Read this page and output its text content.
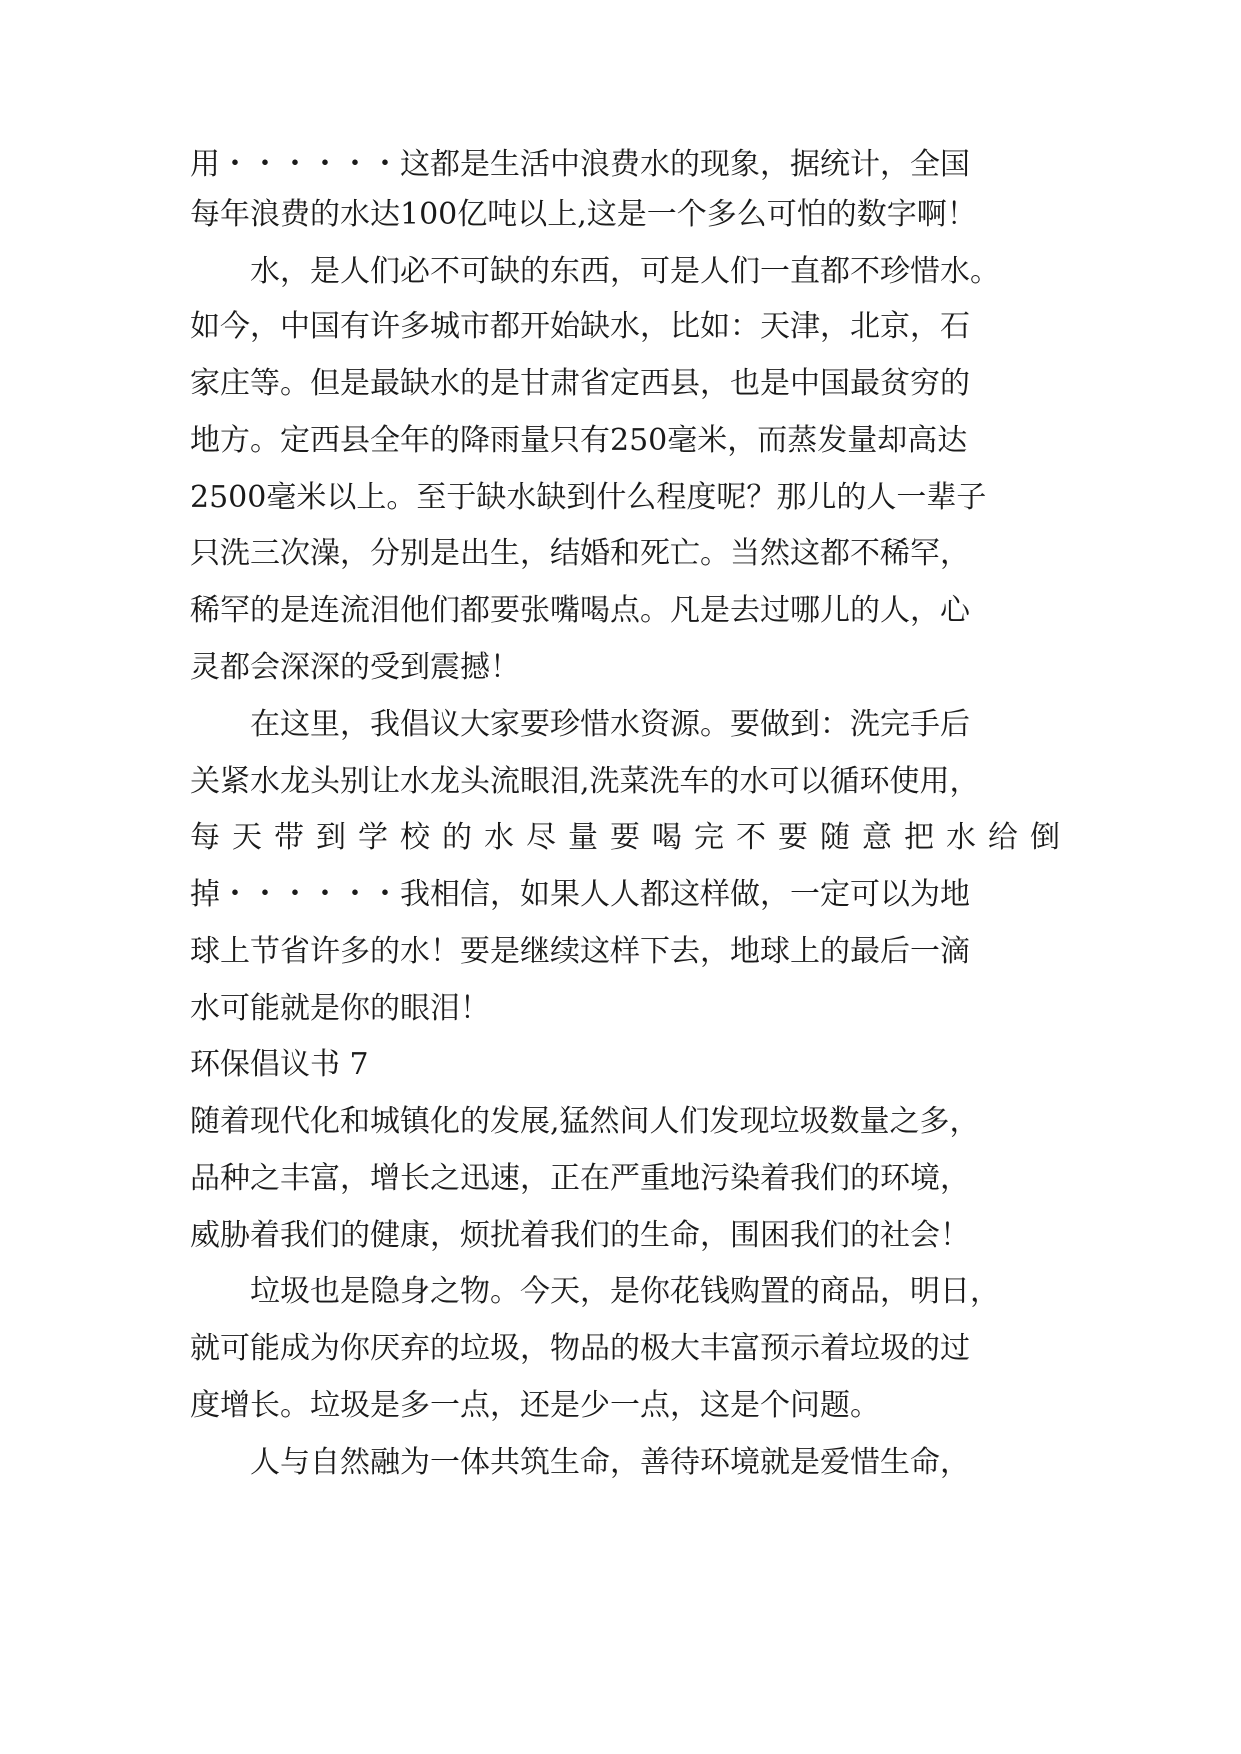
用・・・・・・这都是生活中浪费水的现象，据统计，全国
每年浪费的水达100亿吨以上,这是一个多么可怕的数字啊！
水，是人们必不可缺的东西，可是人们一直都不珍惜水。
如今，中国有许多城市都开始缺水，比如：天津，北京，石
家庄等。但是最缺水的是甘肃省定西县，也是中国最贫穷的
地方。定西县全年的降雨量只有250毫米，而蒸发量却高达
2500毫米以上。至于缺水缺到什么程度呢？那儿的人一辈子
只洗三次澡，分别是出生，结婚和死亡。当然这都不稀罕，
稀罕的是连流泪他们都要张嘴喝点。凡是去过哪儿的人，心
灵都会深深的受到震撼！
在这里，我倡议大家要珍惜水资源。要做到：洗完手后
关紧水龙头别让水龙头流眼泪,洗菜洗车的水可以循环使用，
每 天 带 到 学 校 的 水 尽 量 要 喝 完 不 要 随 意 把 水 给 倒
掉・・・・・・我相信，如果人人都这样做，一定可以为地
球上节省许多的水！要是继续这样下去，地球上的最后一滴
水可能就是你的眼泪！
环保倡议书 7
随着现代化和城镇化的发展,猛然间人们发现垃圾数量之多，
品种之丰富，增长之迅速，正在严重地污染着我们的环境，
威胁着我们的健康，烦扰着我们的生命，围困我们的社会！
垃圾也是隐身之物。今天，是你花钱购置的商品，明日，
就可能成为你厌弃的垃圾，物品的极大丰富预示着垃圾的过
度增长。垃圾是多一点，还是少一点，这是个问题。
人与自然融为一体共筑生命，善待环境就是爱惜生命，
